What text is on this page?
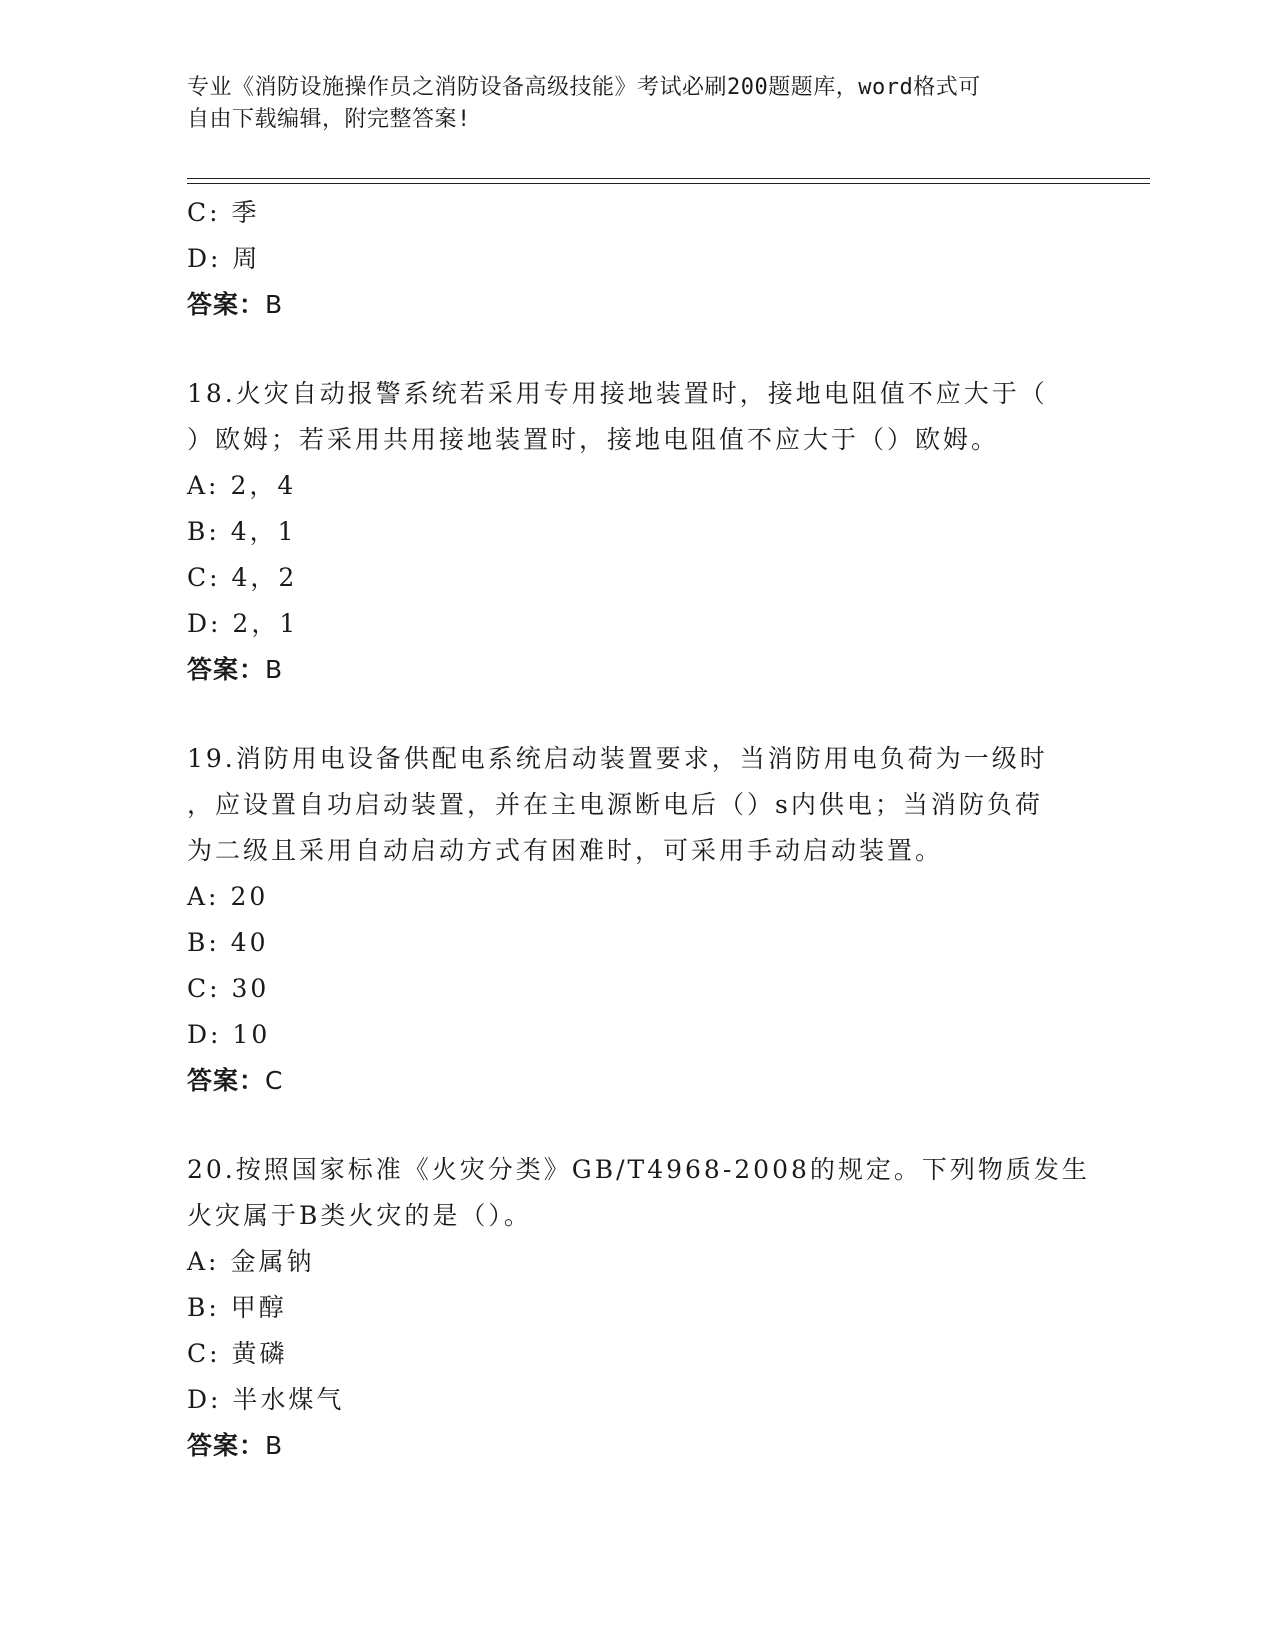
专业《消防设施操作员之消防设备高级技能》考试必刷200题题库，word格式可
自由下载编辑，附完整答案!
C: 季
D: 周
答案：B
18.火灾自动报警系统若采用专用接地装置时，接地电阻值不应大于（
）欧姆；若采用共用接地装置时，接地电阻值不应大于（）欧姆。
A: 2，4
B: 4，1
C: 4，2
D: 2，1
答案：B
19.消防用电设备供配电系统启动装置要求，当消防用电负荷为一级时
，应设置自功启动装置，并在主电源断电后（）s内供电；当消防负荷
为二级且采用自动启动方式有困难时，可采用手动启动装置。
A: 20
B: 40
C: 30
D: 10
答案：C
20.按照国家标准《火灾分类》GB/T4968-2008的规定。下列物质发生
火灾属于B类火灾的是（）。
A: 金属钠
B: 甲醇
C: 黄磷
D: 半水煤气
答案：B
